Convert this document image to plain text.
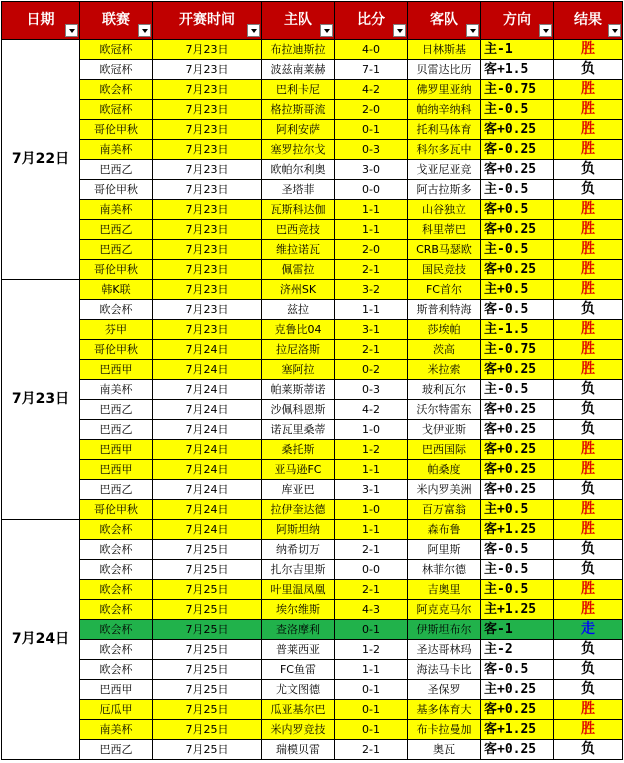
日期	联赛	开赛时间	主队	比分	客队	方向	结果

7月22日	欧冠杯	7月23日	布拉迪斯拉	4-0	日林斯基	主-1	胜
	欧冠杯	7月23日	波兹南莱赫	7-1	贝雷达比历	客+1.5	负
	欧会杯	7月23日	巴利卡尼	4-2	佛罗里亚纳	主-0.75	胜
	欧冠杯	7月23日	格拉斯哥流	2-0	帕纳辛纳科	主-0.5	胜
	哥伦甲秋	7月23日	阿利安萨	0-1	托利马体育	客+0.25	胜
	南美杯	7月23日	塞罗拉尔戈	0-3	科尔多瓦中	客-0.25	胜
	巴西乙	7月23日	欧帕尔利奥	3-0	戈亚尼亚竞	客+0.25	负
	哥伦甲秋	7月23日	圣塔菲	0-0	阿古拉斯多	主-0.5	负
	南美杯	7月23日	瓦斯科达伽	1-1	山谷独立	客+0.5	胜
	巴西乙	7月23日	巴西竞技	1-1	科里蒂巴	客+0.25	胜
	巴西乙	7月23日	维拉诺瓦	2-0	CRB马瑟欧	主-0.5	胜
	哥伦甲秋	7月23日	佩雷拉	2-1	国民竞技	客+0.25	胜
7月23日	韩K联	7月23日	济州SK	3-2	FC首尔	主+0.5	胜
	欧会杯	7月23日	兹拉	1-1	斯普利特海	客-0.5	负
	芬甲	7月23日	克鲁比04	3-1	莎埃帕	主-1.5	胜
	哥伦甲秋	7月24日	拉尼洛斯	2-1	茨高	主-0.75	胜
	巴西甲	7月24日	塞阿拉	0-2	米拉索	客+0.25	胜
	南美杯	7月24日	帕莱斯蒂诺	0-3	玻利瓦尔	主-0.5	负
	巴西乙	7月24日	沙佩科恩斯	4-2	沃尔特雷东	客+0.25	负
	巴西乙	7月24日	诺瓦里桑蒂	1-0	戈伊亚斯	客+0.25	负
	巴西甲	7月24日	桑托斯	1-2	巴西国际	客+0.25	胜
	巴西甲	7月24日	亚马逊FC	1-1	帕桑度	客+0.25	胜
	巴西乙	7月24日	库亚巴	3-1	米内罗美洲	客+0.25	负
	哥伦甲秋	7月24日	拉伊奎达德	1-0	百万富翁	主+0.5	胜
7月24日	欧会杯	7月24日	阿斯坦纳	1-1	森布鲁	客+1.25	胜
	欧会杯	7月25日	纳希切万	2-1	阿里斯	客-0.5	负
	欧会杯	7月25日	扎尔吉里斯	0-0	林菲尔德	主-0.5	负
	欧会杯	7月25日	叶里温凤凰	2-1	吉奥里	主-0.5	胜
	欧会杯	7月25日	埃尔维斯	4-3	阿克克马尔	主+1.25	胜
	欧会杯	7月25日	查洛摩利	0-1	伊斯坦布尔	客-1	走
	欧会杯	7月25日	普莱西亚	1-2	圣达哥林玛	主-2	负
	欧会杯	7月25日	FC鱼雷	1-1	海法马卡比	客-0.5	负
	巴西甲	7月25日	尤文图德	0-1	圣保罗	主+0.25	负
	厄瓜甲	7月25日	瓜亚基尔巴	0-1	基多体育大	客+0.25	胜
	南美杯	7月25日	米内罗竞技	0-1	布卡拉曼加	客+1.25	胜
	巴西乙	7月25日	瑞模贝雷	2-1	奥瓦	客+0.25	负
